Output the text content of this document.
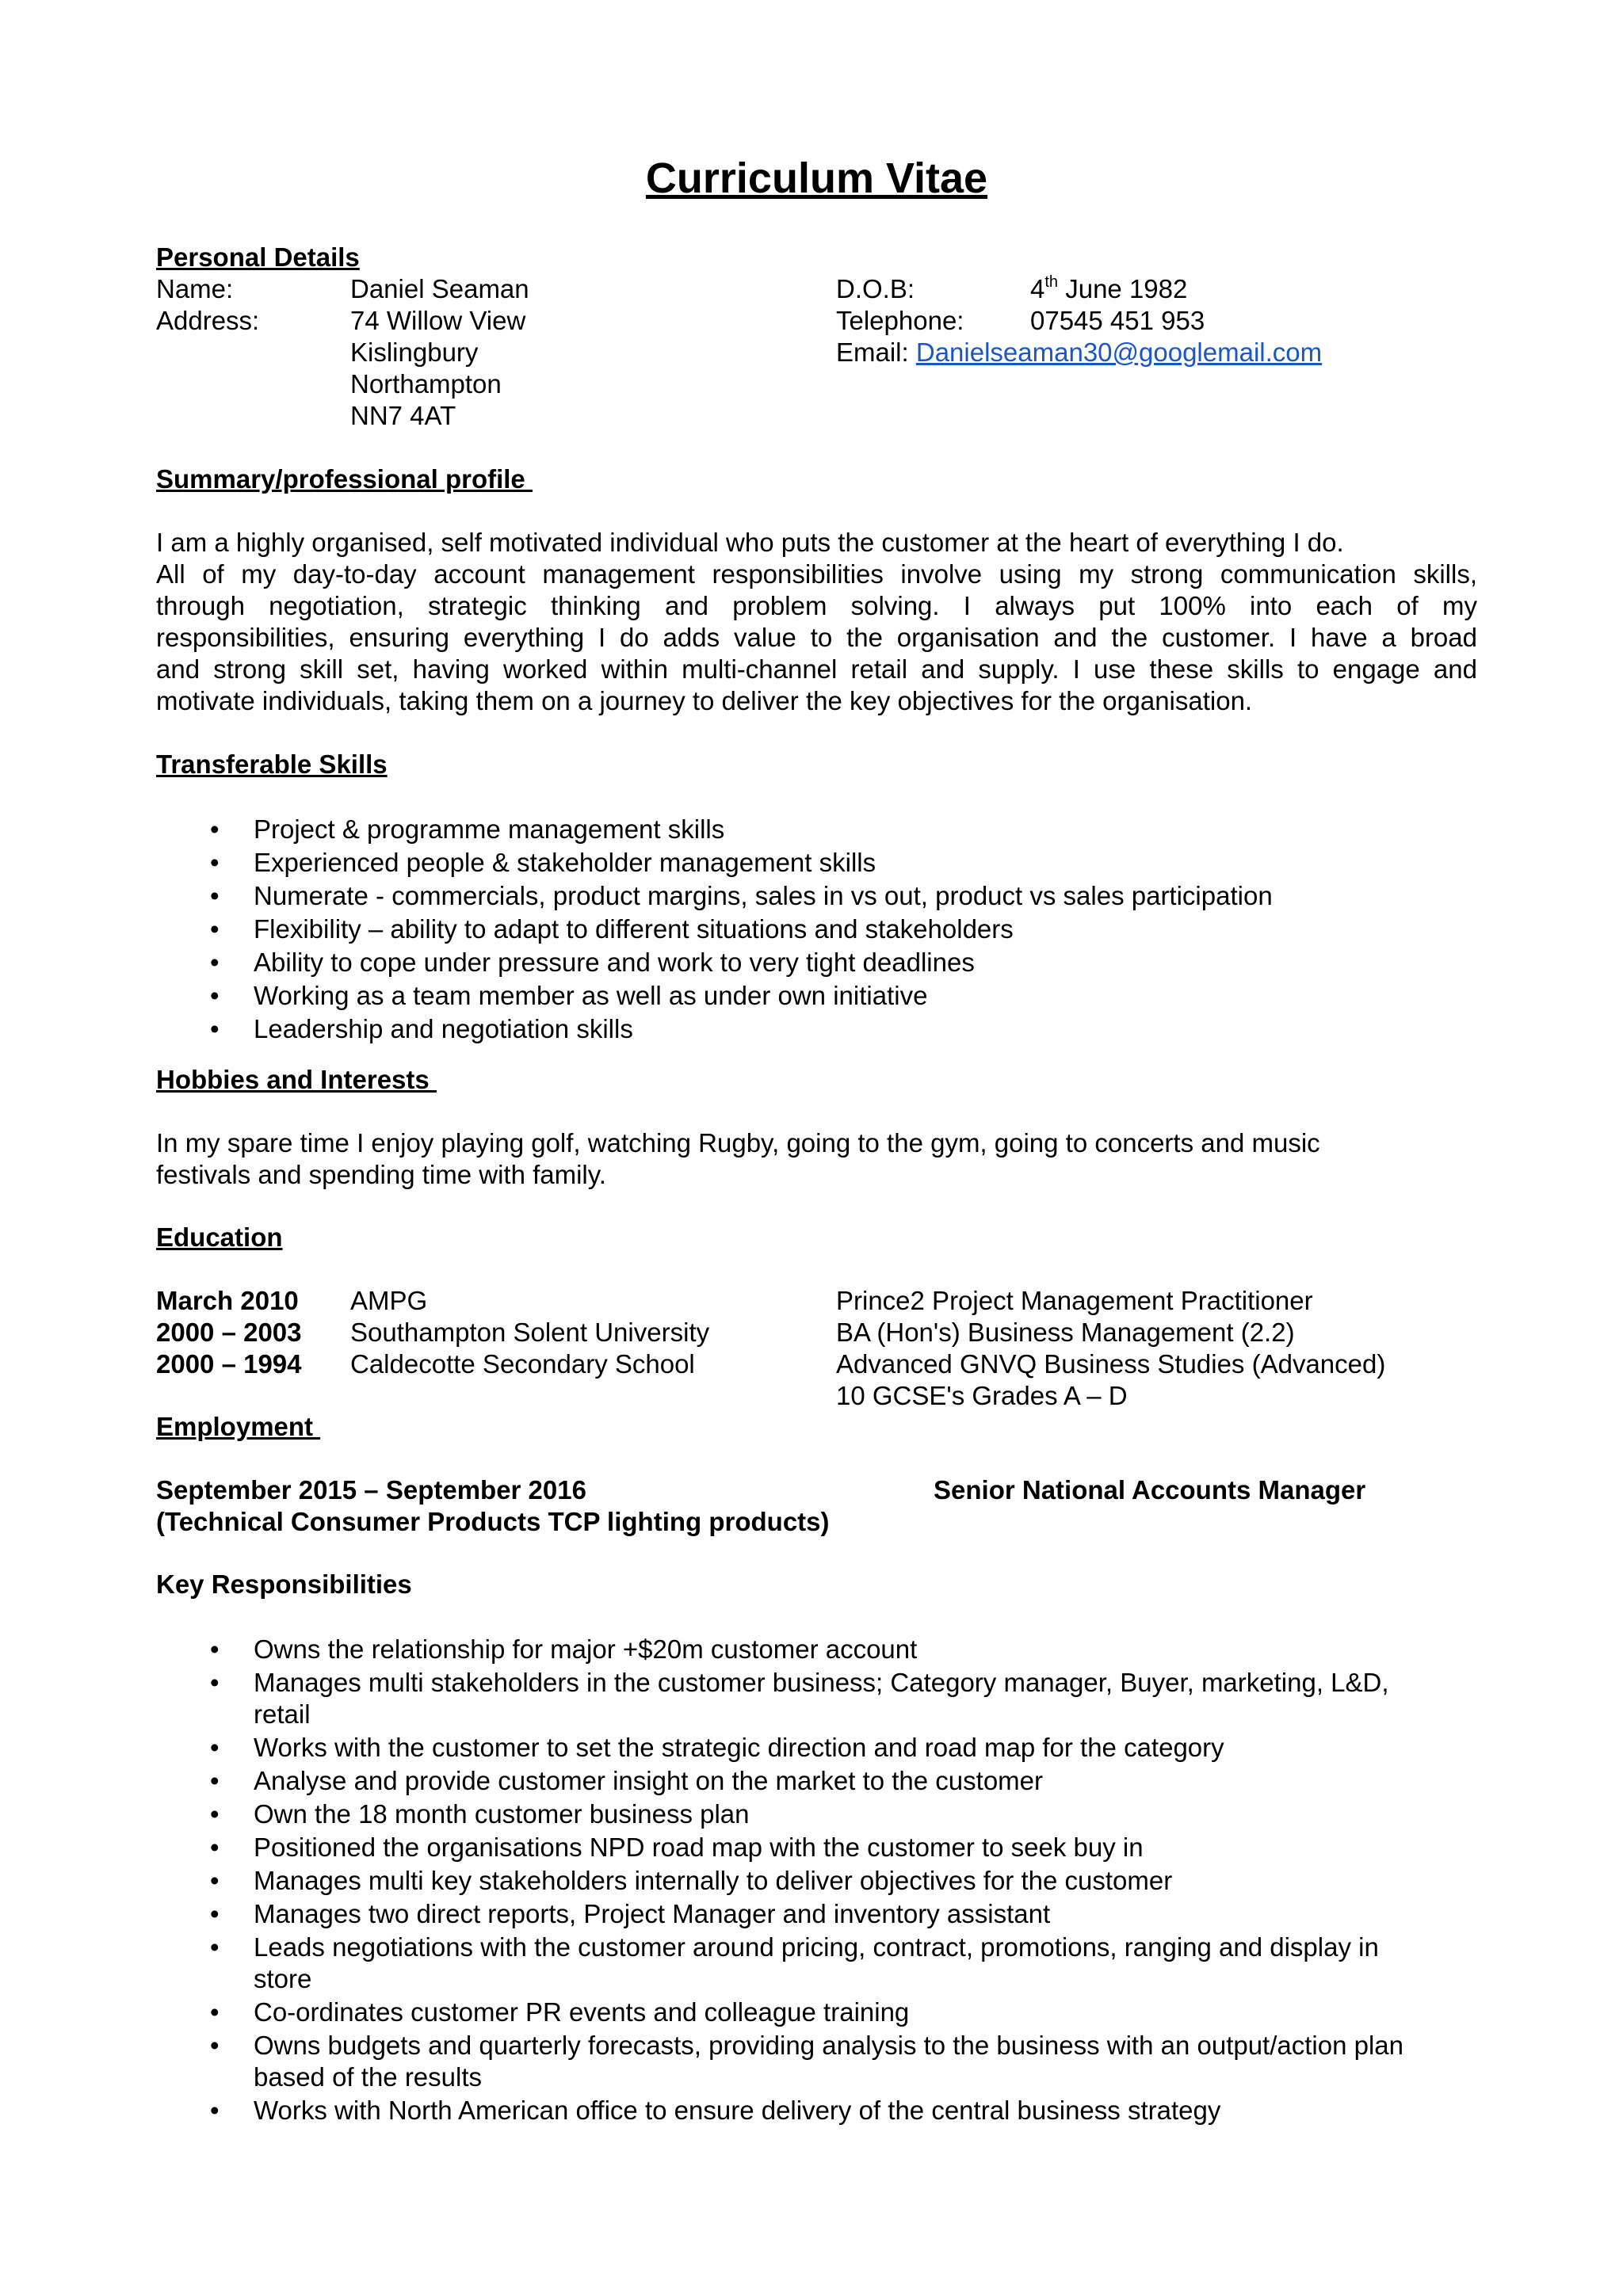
Curriculum Vitae
Personal Details
Name:	Daniel Seaman
Address:	74 Willow View
Kislingbury
Northampton
NN7 4AT
D.O.B:	4th June 1982
Telephone:	07545 451 953
Email: Danielseaman30@googlemail.com
Summary/professional profile
I am a highly organised, self motivated individual who puts the customer at the heart of everything I do.
All of my day-to-day account management responsibilities involve using my strong communication skills,
through negotiation, strategic thinking and problem solving. I always put 100% into each of my
responsibilities, ensuring everything I do adds value to the organisation and the customer. I have a broad
and strong skill set, having worked within multi-channel retail and supply. I use these skills to engage and
motivate individuals, taking them on a journey to deliver the key objectives for the organisation.
Transferable Skills
• Project & programme management skills
• Experienced people & stakeholder management skills
• Numerate - commercials, product margins, sales in vs out, product vs sales participation
• Flexibility – ability to adapt to different situations and stakeholders
• Ability to cope under pressure and work to very tight deadlines
• Working as a team member as well as under own initiative
• Leadership and negotiation skills
Hobbies and Interests
In my spare time I enjoy playing golf, watching Rugby, going to the gym, going to concerts and music
festivals and spending time with family.
Education
March 2010 AMPG	Prince2 Project Management Practitioner
2000 – 2003 Southampton Solent University	BA (Hon's) Business Management (2.2)
2000 – 1994 Caldecotte Secondary School	Advanced GNVQ Business Studies (Advanced)
10 GCSE's Grades A – D
Employment
September 2015 – September 2016	Senior National Accounts Manager
(Technical Consumer Products TCP lighting products)
Key Responsibilities
• Owns the relationship for major +$20m customer account
• Manages multi stakeholders in the customer business; Category manager, Buyer, marketing, L&D,
retail
• Works with the customer to set the strategic direction and road map for the category
• Analyse and provide customer insight on the market to the customer
• Own the 18 month customer business plan
• Positioned the organisations NPD road map with the customer to seek buy in
• Manages multi key stakeholders internally to deliver objectives for the customer
• Manages two direct reports, Project Manager and inventory assistant
• Leads negotiations with the customer around pricing, contract, promotions, ranging and display in
store
• Co-ordinates customer PR events and colleague training
• Owns budgets and quarterly forecasts, providing analysis to the business with an output/action plan
based of the results
• Works with North American office to ensure delivery of the central business strategy
